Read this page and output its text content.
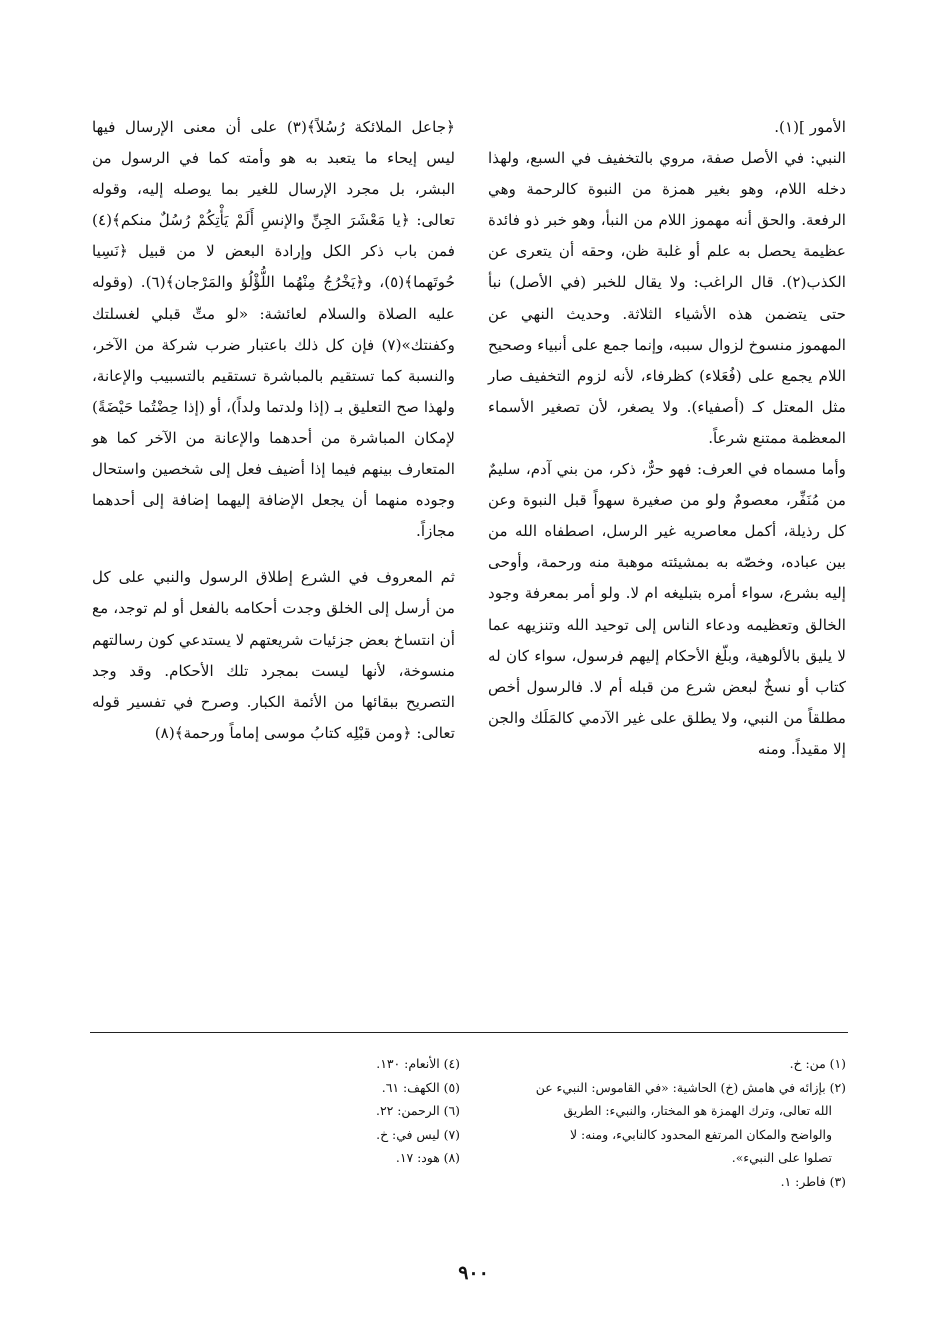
الأمور ](١).

النبي: في الأصل صفة، مروي بالتخفيف في السبع، ولهذا دخله اللام، وهو بغير همزة من النبوة كالرحمة وهي الرفعة. والحق أنه مهموز اللام من النبأ، وهو خبر ذو فائدة عظيمة يحصل به علم أو غلبة ظن، وحقه أن يتعرى عن الكذب(٢). قال الراغب: ولا يقال للخبر (في الأصل) نبأ حتى يتضمن هذه الأشياء الثلاثة. وحديث النهي عن المهموز منسوخ لزوال سببه، وإنما جمع على أنبياء وصحيح اللام يجمع على (فُعَلاء) كظرفاء، لأنه لزوم التخفيف صار مثل المعتل كـ (أصفياء). ولا يصغر، لأن تصغير الأسماء المعظمة ممتنع شرعاً.

وأما مسماه في العرف: فهو حرٌّ، ذكر، من بني آدم، سليمٌ من مُنَفِّر، معصومٌ ولو من صغيرة سهواً قبل النبوة وعن كل رذيلة، أكمل معاصريه غير الرسل، اصطفاه الله من بين عباده، وخصّه به بمشيئته موهبة منه ورحمة، وأوحى إليه بشرع، سواء أمره بتبليغه ام لا. ولو أمر بمعرفة وجود الخالق وتعظيمه ودعاء الناس إلى توحيد الله وتنزيهه عما لا يليق بالألوهية، وبلّغ الأحكام إليهم فرسول، سواء كان له كتاب أو نسخٌ لبعض شرع من قبله أم لا. فالرسول أخص مطلقاً من النبي، ولا يطلق على غير الآدمي كالمَلَك والجن إلا مقيداً. ومنه

﴿جاعل الملائكة رُسُلاً﴾(٣) على أن معنى الإرسال فيها ليس إيحاء ما يتعبد به هو وأمته كما في الرسول من البشر، بل مجرد الإرسال للغير بما يوصله إليه، وقوله تعالى: ﴿يا مَعْشَرَ الجِنِّ والإنسِ أَلَمْ يَأْتِكُمْ رُسُلٌ منكم﴾(٤) فمن باب ذكر الكل وإرادة البعض لا من قبيل ﴿نَسِيا حُوتَهما﴾(٥)، و﴿يَخْرُجُ مِنْهُما اللُّؤْلُؤ والمَرْجان﴾(٦). (وقوله عليه الصلاة والسلام لعائشة: «لو متِّ قبلي لغسلتك وكفنتك»(٧) فإن كل ذلك باعتبار ضرب شركة من الآخر، والنسبة كما تستقيم بالمباشرة تستقيم بالتسبيب والإعانة، ولهذا صح التعليق بـ (إذا ولدتما ولداً)، أو (إذا حِضْتُما حَيْضَةً) لإمكان المباشرة من أحدهما والإعانة من الآخر كما هو المتعارف بينهم فيما إذا أضيف فعل إلى شخصين واستحال وجوده منهما أن يجعل الإضافة إليهما إضافة إلى أحدهما مجازاً.

ثم المعروف في الشرع إطلاق الرسول والنبي على كل من أرسل إلى الخلق وجدت أحكامه بالفعل أو لم توجد، مع أن انتساخ بعض جزئيات شريعتهم لا يستدعي كون رسالتهم منسوخة، لأنها ليست بمجرد تلك الأحكام. وقد وجد التصريح ببقائها من الأئمة الكبار. وصرح في تفسير قوله تعالى: ﴿ومن قبْلِه كتابُ موسى إماماً ورحمة﴾(٨)

(١) من: خ.
(٢) بإزائه في هامش (خ) الحاشية: «في القاموس: النبيء عن
الله تعالى، وترك الهمزة هو المختار، والنبيء: الطريق
والواضح والمكان المرتفع المحدود كالنابيء، ومنه: لا
تصلوا على النبيء».
(٣) فاطر: ١.
(٤) الأنعام: ١٣٠.
(٥) الكهف: ٦١.
(٦) الرحمن: ٢٢.
(٧) ليس في: خ.
(٨) هود: ١٧.
٩٠٠
